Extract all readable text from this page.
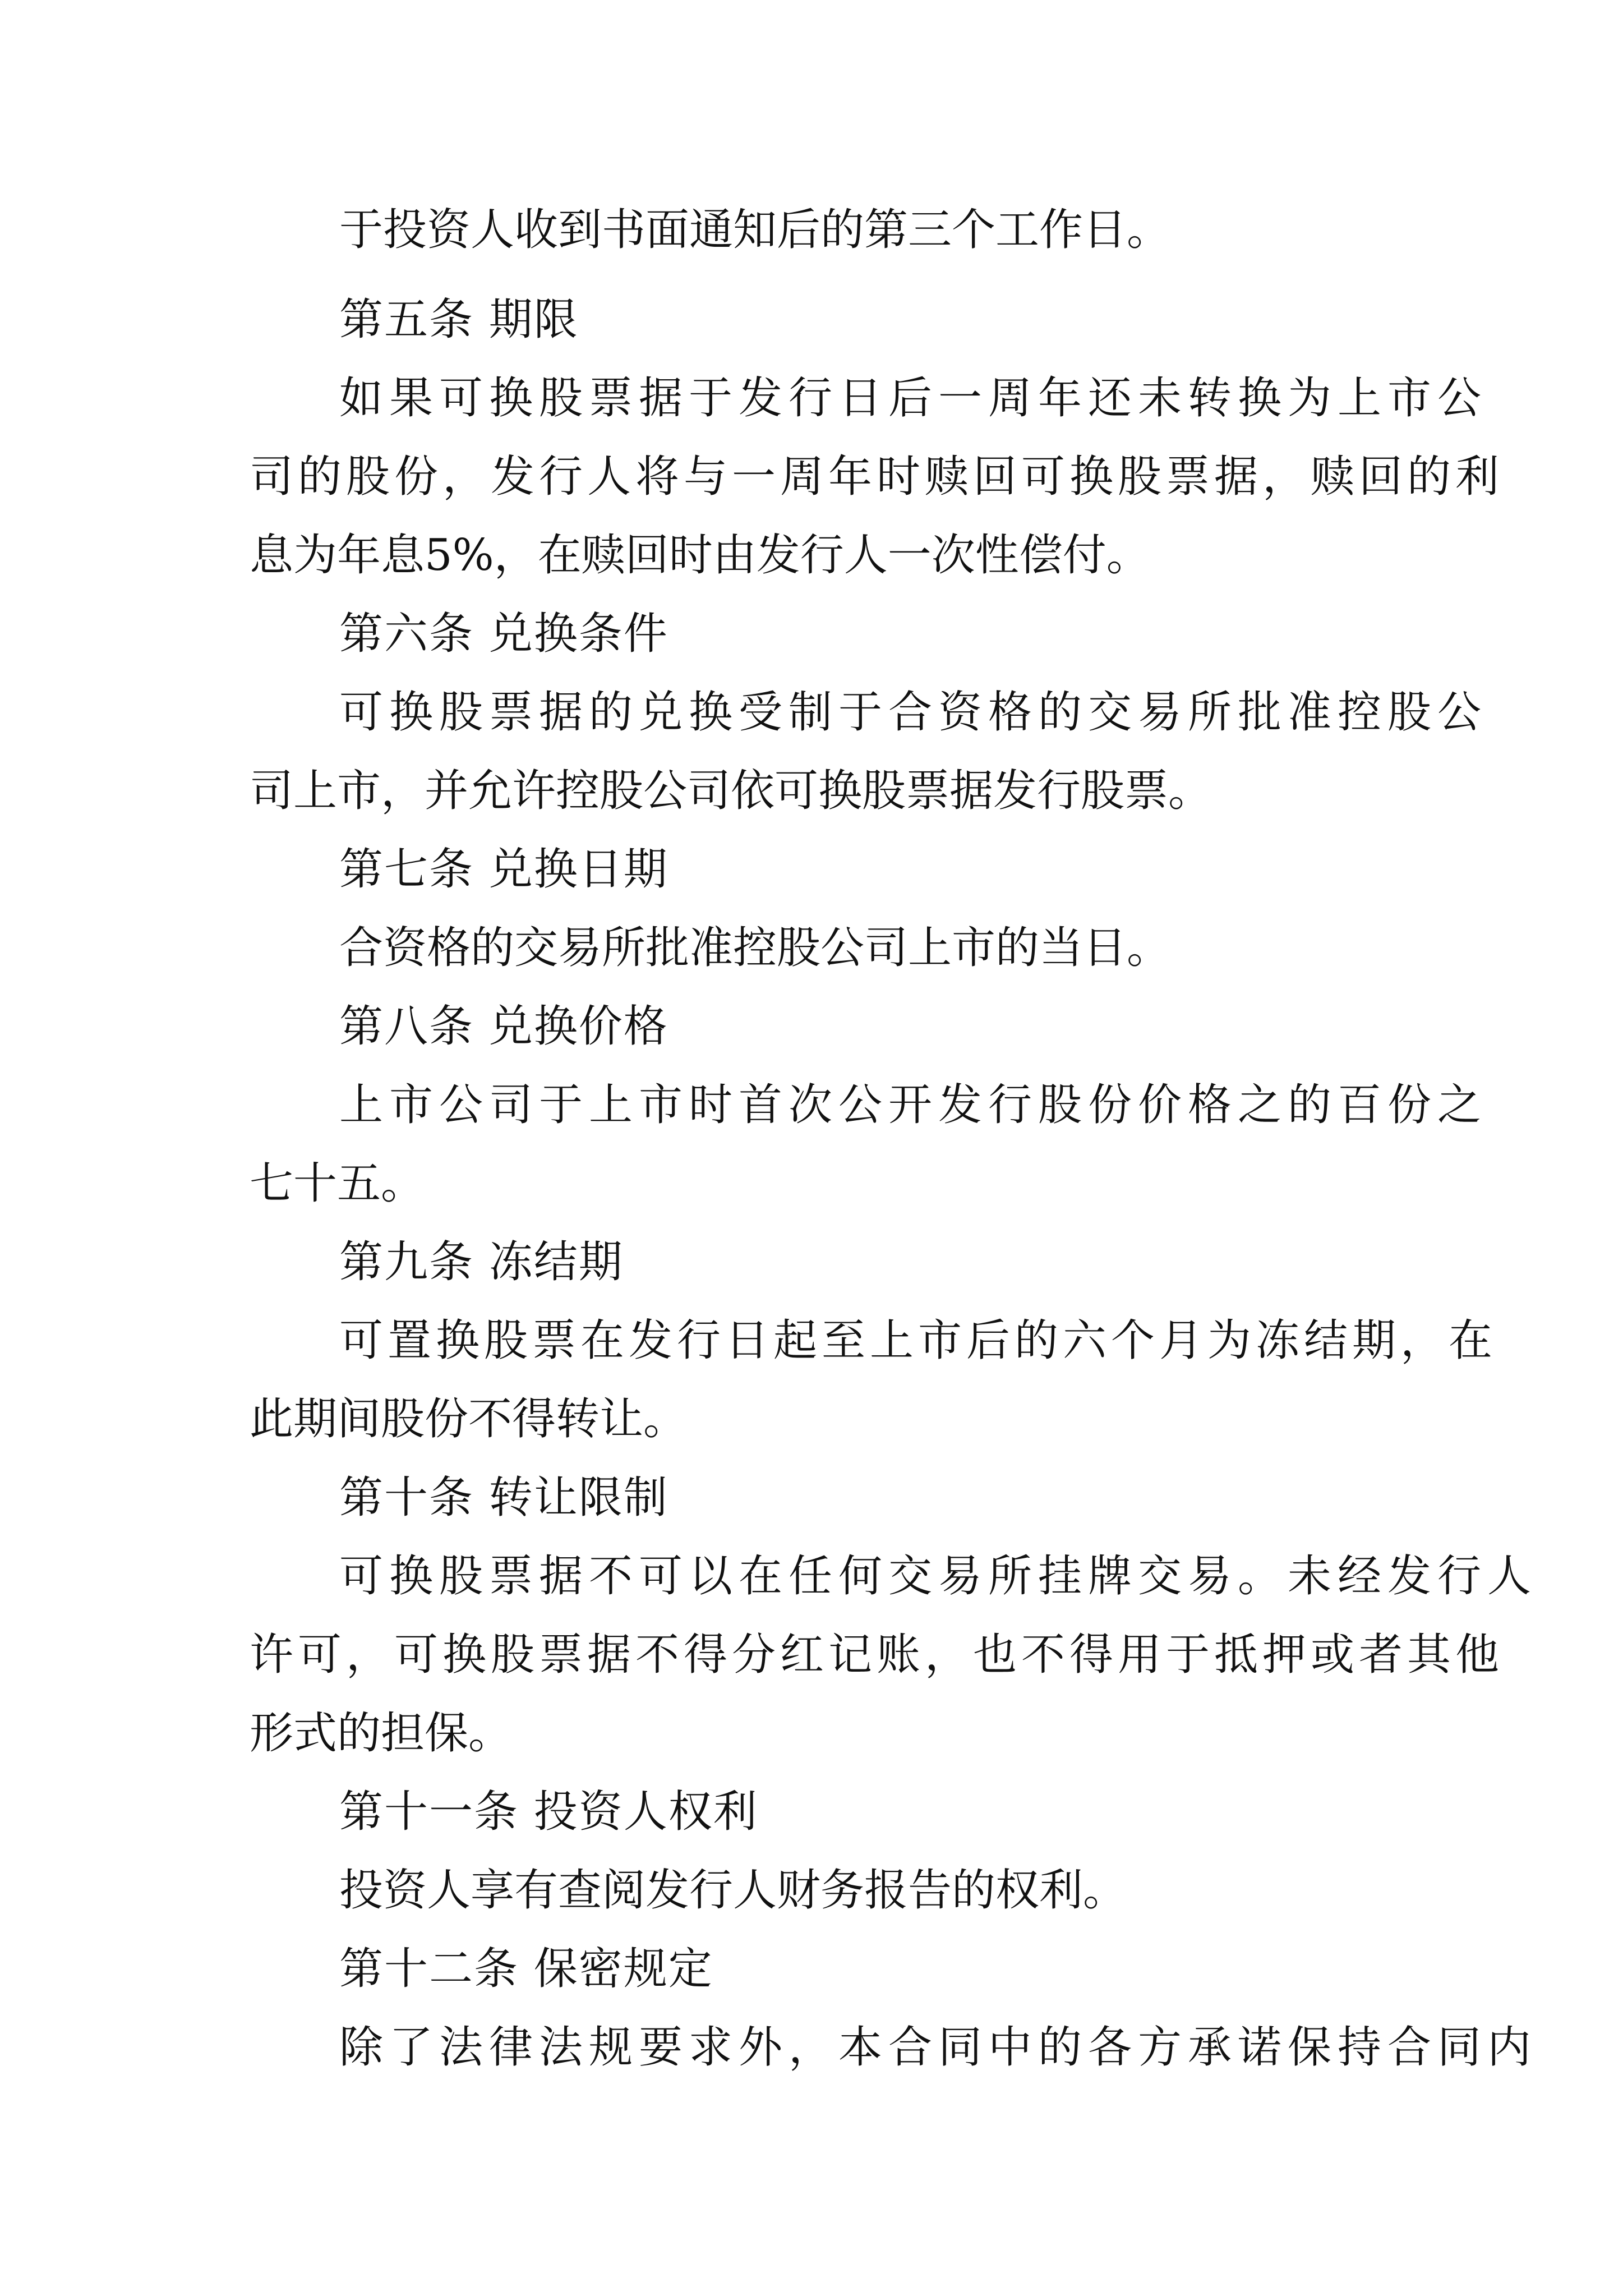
于投资人收到书面通知后的第三个工作日。
第五条 期限
如果可换股票据于发行日后一周年还未转换为上市公
司的股份，发行人将与一周年时赎回可换股票据，赎回的利
息为年息5%，在赎回时由发行人一次性偿付。
第六条 兑换条件
可换股票据的兑换受制于合资格的交易所批准控股公
司上市，并允许控股公司依可换股票据发行股票。
第七条 兑换日期
合资格的交易所批准控股公司上市的当日。
第八条 兑换价格
上市公司于上市时首次公开发行股份价格之的百份之
七十五。
第九条 冻结期
可置换股票在发行日起至上市后的六个月为冻结期，在
此期间股份不得转让。
第十条 转让限制
可换股票据不可以在任何交易所挂牌交易。未经发行人
许可，可换股票据不得分红记账，也不得用于抵押或者其他
形式的担保。
第十一条 投资人权利
投资人享有查阅发行人财务报告的权利。
第十二条 保密规定
除了法律法规要求外，本合同中的各方承诺保持合同内
